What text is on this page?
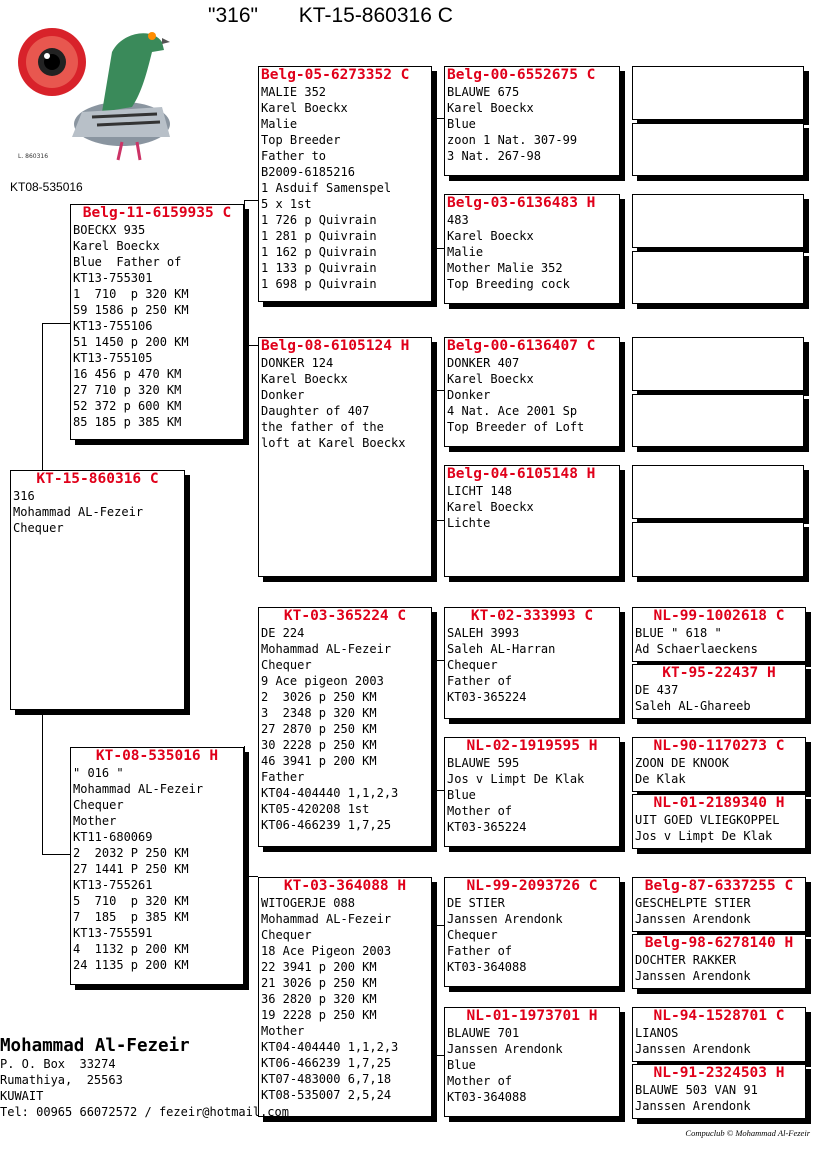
"316"       KT-15-860316 C
L. 860316
KT08-535016
KT-15-860316 C
316
Mohammad AL-Fezeir
Chequer
Belg-11-6159935 C
BOECKX 935
Karel Boeckx
Blue  Father of
KT13-755301
1  710  p 320 KM
59 1586 p 250 KM
KT13-755106
51 1450 p 200 KM
KT13-755105
16 456 p 470 KM
27 710 p 320 KM
52 372 p 600 KM
85 185 p 385 KM
KT-08-535016 H
" 016 "
Mohammad AL-Fezeir
Chequer
Mother
KT11-680069
2  2032 P 250 KM
27 1441 P 250 KM
KT13-755261
5  710  p 320 KM
7  185  p 385 KM
KT13-755591
4  1132 p 200 KM
24 1135 p 200 KM
Belg-05-6273352 C
MALIE 352
Karel Boeckx
Malie
Top Breeder
Father to
B2009-6185216
1 Asduif Samenspel
5 x 1st
1 726 p Quivrain
1 281 p Quivrain
1 162 p Quivrain
1 133 p Quivrain
1 698 p Quivrain
Belg-08-6105124 H
DONKER 124
Karel Boeckx
Donker
Daughter of 407
the father of the
loft at Karel Boeckx
KT-03-365224 C
DE 224
Mohammad AL-Fezeir
Chequer
9 Ace pigeon 2003
2  3026 p 250 KM
3  2348 p 320 KM
27 2870 p 250 KM
30 2228 p 250 KM
46 3941 p 200 KM
Father
KT04-404440 1,1,2,3
KT05-420208 1st
KT06-466239 1,7,25
KT-03-364088 H
WITOGERJE 088
Mohammad AL-Fezeir
Chequer
18 Ace Pigeon 2003
22 3941 p 200 KM
21 3026 p 250 KM
36 2820 p 320 KM
19 2228 p 250 KM
Mother
KT04-404440 1,1,2,3
KT06-466239 1,7,25
KT07-483000 6,7,18
KT08-535007 2,5,24
Belg-00-6552675 C
BLAUWE 675
Karel Boeckx
Blue
zoon 1 Nat. 307-99
3 Nat. 267-98
Belg-03-6136483 H
483
Karel Boeckx
Malie
Mother Malie 352
Top Breeding cock
Belg-00-6136407 C
DONKER 407
Karel Boeckx
Donker
4 Nat. Ace 2001 Sp
Top Breeder of Loft
Belg-04-6105148 H
LICHT 148
Karel Boeckx
Lichte
KT-02-333993 C
SALEH 3993
Saleh AL-Harran
Chequer
Father of
KT03-365224
NL-02-1919595 H
BLAUWE 595
Jos v Limpt De Klak
Blue
Mother of
KT03-365224
NL-99-2093726 C
DE STIER
Janssen Arendonk
Chequer
Father of
KT03-364088
NL-01-1973701 H
BLAUWE 701
Janssen Arendonk
Blue
Mother of
KT03-364088
NL-99-1002618 C
BLUE " 618 "
Ad Schaerlaeckens
KT-95-22437 H
DE 437
Saleh AL-Ghareeb
NL-90-1170273 C
ZOON DE KNOOK
De Klak
NL-01-2189340 H
UIT GOED VLIEGKOPPEL
Jos v Limpt De Klak
Belg-87-6337255 C
GESCHELPTE STIER
Janssen Arendonk
Belg-98-6278140 H
DOCHTER RAKKER
Janssen Arendonk
NL-94-1528701 C
LIANOS
Janssen Arendonk
NL-91-2324503 H
BLAUWE 503 VAN 91
Janssen Arendonk
Mohammad Al-Fezeir
P. O. Box  33274
Rumathiya,  25563
KUWAIT
Tel: 00965 66072572 / fezeir@hotmail.com
Compuclub © Mohammad Al-Fezeir
